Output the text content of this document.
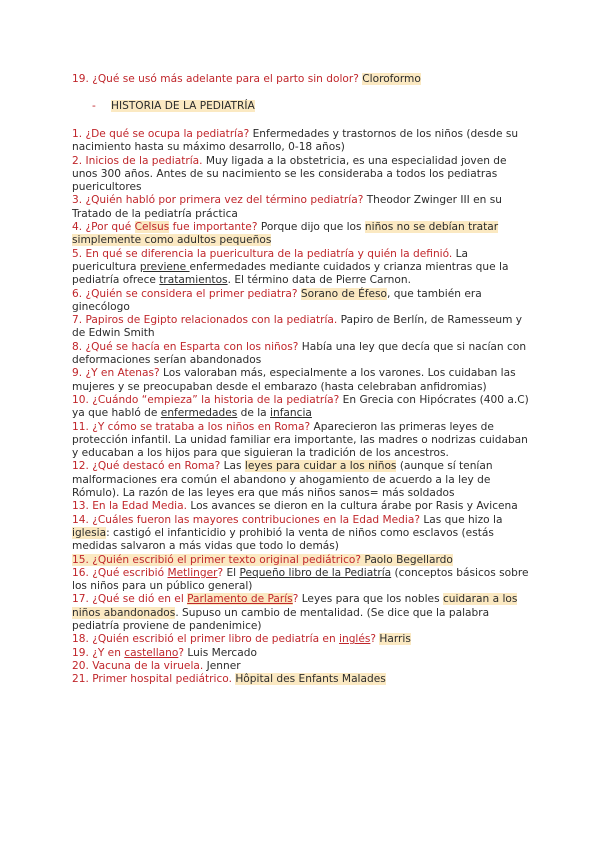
19. ¿Qué se usó más adelante para el parto sin dolor? Cloroformo

- HISTORIA DE LA PEDIATRÍA

1. ¿De qué se ocupa la pediatría? Enfermedades y trastornos de los niños (desde su nacimiento hasta su máximo desarrollo, 0-18 años)

2. Inicios de la pediatría. Muy ligada a la obstetricia, es una especialidad joven de unos 300 años. Antes de su nacimiento se les consideraba a todos los pediatras puericultores

3. ¿Quién habló por primera vez del término pediatría? Theodor Zwinger III en su Tratado de la pediatría práctica

4. ¿Por qué Celsus fue importante? Porque dijo que los niños no se debían tratar simplemente como adultos pequeños

5. En qué se diferencia la puericultura de la pediatría y quién la definió. La puericultura previene enfermedades mediante cuidados y crianza mientras que la pediatría ofrece tratamientos. El término data de Pierre Carnon.

6. ¿Quién se considera el primer pediatra? Sorano de Éfeso, que también era ginecólogo

7. Papiros de Egipto relacionados con la pediatría. Papiro de Berlín, de Ramesseum y de Edwin Smith

8. ¿Qué se hacía en Esparta con los niños? Había una ley que decía que si nacían con deformaciones serían abandonados

9. ¿Y en Atenas? Los valoraban más, especialmente a los varones. Los cuidaban las mujeres y se preocupaban desde el embarazo (hasta celebraban anfidromias)

10. ¿Cuándo “empieza” la historia de la pediatría? En Grecia con Hipócrates (400 a.C) ya que habló de enfermedades de la infancia

11. ¿Y cómo se trataba a los niños en Roma? Aparecieron las primeras leyes de protección infantil. La unidad familiar era importante, las madres o nodrizas cuidaban y educaban a los hijos para que siguieran la tradición de los ancestros.

12. ¿Qué destacó en Roma? Las leyes para cuidar a los niños (aunque sí tenían malformaciones era común el abandono y ahogamiento de acuerdo a la ley de Rómulo). La razón de las leyes era que más niños sanos= más soldados

13. En la Edad Media. Los avances se dieron en la cultura árabe por Rasis y Avicena

14. ¿Cuáles fueron las mayores contribuciones en la Edad Media? Las que hizo la iglesia: castigó el infanticidio y prohibió la venta de niños como esclavos (estás medidas salvaron a más vidas que todo lo demás)

15. ¿Quién escribió el primer texto original pediátrico? Paolo Begellardo

16. ¿Qué escribió Metlinger? El Pequeño libro de la Pediatría (conceptos básicos sobre los niños para un público general)

17. ¿Qué se dió en el Parlamento de París? Leyes para que los nobles cuidaran a los niños abandonados. Supuso un cambio de mentalidad. (Se dice que la palabra pediatría proviene de pandenimice)

18. ¿Quién escribió el primer libro de pediatría en inglés? Harris

19. ¿Y en castellano? Luis Mercado

20. Vacuna de la viruela. Jenner

21. Primer hospital pediátrico. Hôpital des Enfants Malades
